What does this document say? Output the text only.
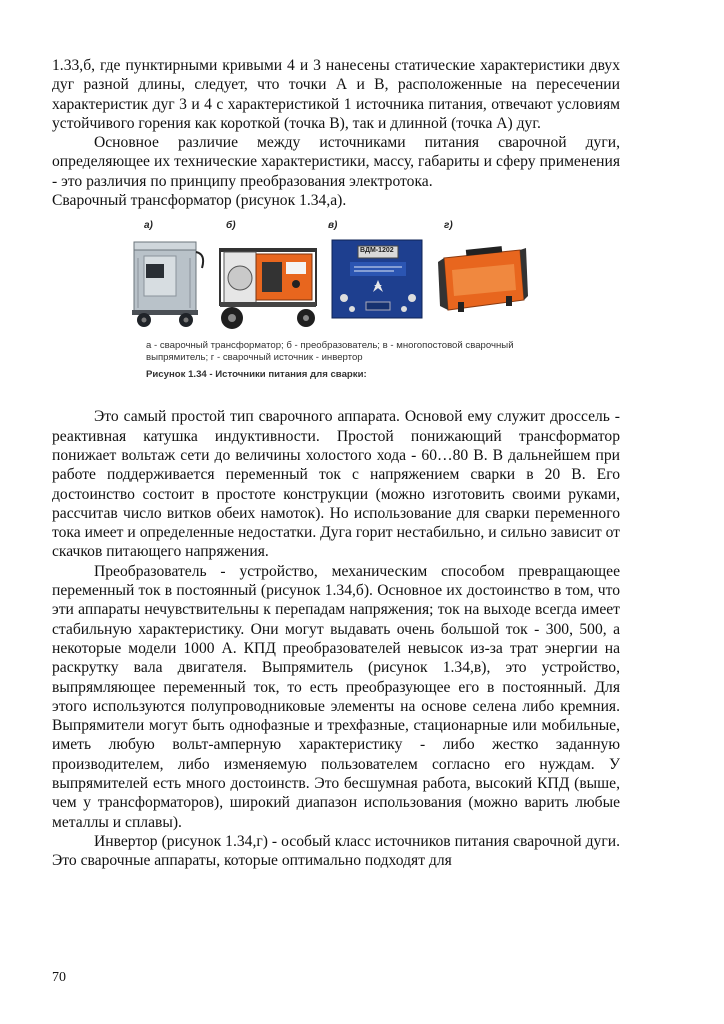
1.33,б, где пунктирными кривыми 4 и 3 нанесены статические характеристики двух дуг разной длины, следует, что точки А и В, расположенные на пересечении характеристик дуг 3 и 4 с характеристикой 1 источника питания, отвечают условиям устойчивого горения как короткой (точка В), так и длинной (точка А) дуг.

Основное различие между источниками питания сварочной дуги, определяющее их технические характеристики, массу, габариты и сферу применения - это различия по принципу преобразования электротока.

Сварочный трансформатор (рисунок 1.34,а).

а)	б)	в)	г)
ВДМ-1202
а - сварочный трансформатор; б - преобразователь; в - многопостовой сварочный
выпрямитель; г - сварочный источник - инвертор
Рисунок 1.34 - Источники питания для сварки:

Это самый простой тип сварочного аппарата. Основой ему служит дроссель - реактивная катушка индуктивности. Простой понижающий трансформатор понижает вольтаж сети до величины холостого хода - 60…80 В. В дальнейшем при работе поддерживается переменный ток с напряжением сварки в 20 В. Его достоинство состоит в простоте конструкции (можно изготовить своими руками, рассчитав число витков обеих намоток). Но использование для сварки переменного тока имеет и определенные недостатки. Дуга горит нестабильно, и сильно зависит от скачков питающего напряжения.

Преобразователь - устройство, механическим способом превращающее переменный ток в постоянный (рисунок 1.34,б). Основное их достоинство в том, что эти аппараты нечувствительны к перепадам напряжения; ток на выходе всегда имеет стабильную характеристику. Они могут выдавать очень большой ток - 300, 500, а некоторые модели 1000 А. КПД преобразователей невысок из-за трат энергии на раскрутку вала двигателя. Выпрямитель (рисунок 1.34,в), это устройство, выпрямляющее переменный ток, то есть преобразующее его в постоянный. Для этого используются полупроводниковые элементы на основе селена либо кремния. Выпрямители могут быть однофазные и трехфазные, стационарные или мобильные, иметь любую вольт-амперную характеристику - либо жестко заданную производителем, либо изменяемую пользователем согласно его нуждам. У выпрямителей есть много достоинств. Это бесшумная работа, высокий КПД (выше, чем у трансформаторов), широкий диапазон использования (можно варить любые металлы и сплавы).

Инвертор (рисунок 1.34,г) - особый класс источников питания сварочной дуги. Это сварочные аппараты, которые оптимально подходят для

70
